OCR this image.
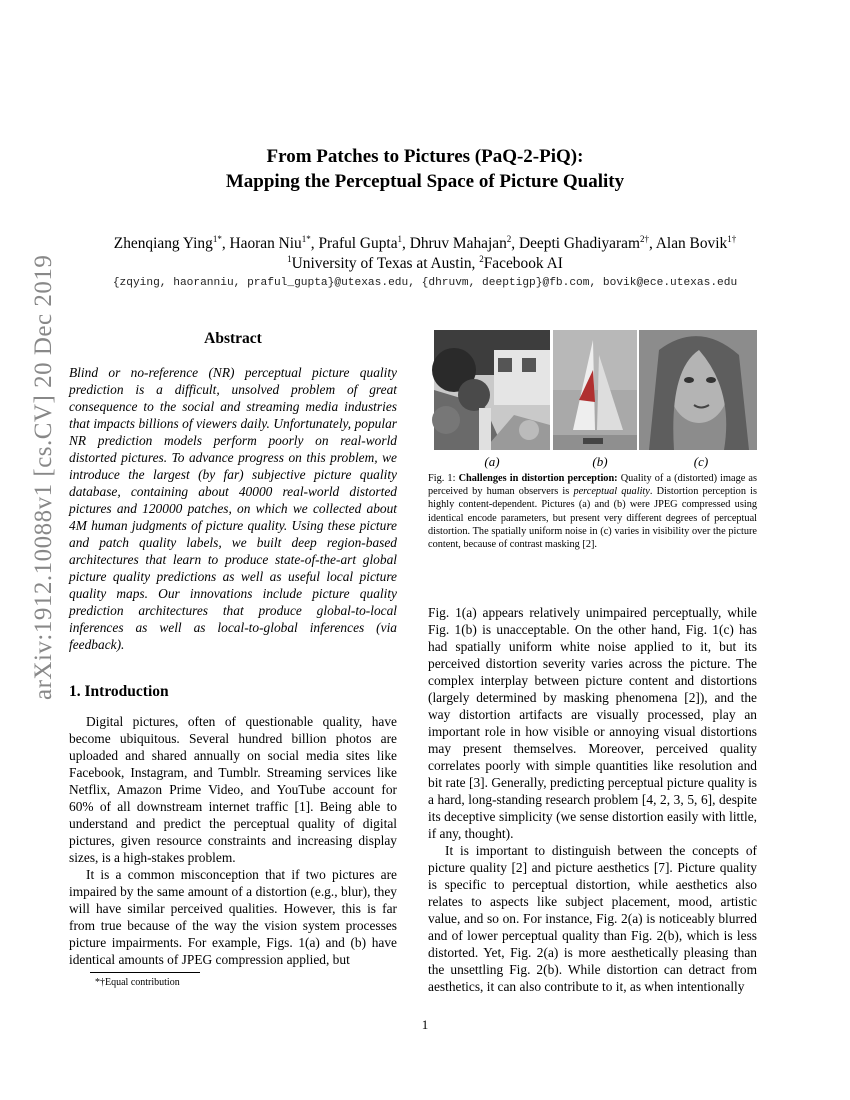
arXiv:1912.10088v1 [cs.CV] 20 Dec 2019
From Patches to Pictures (PaQ-2-PiQ):
Mapping the Perceptual Space of Picture Quality
Zhenqiang Ying$^{1*}$, Haoran Niu$^{1*}$, Praful Gupta$^1$, Dhruv Mahajan$^2$, Deepti Ghadiyaram$^{2\dagger}$, Alan Bovik$^{1\dagger}$
$^1$University of Texas at Austin, $^2$Facebook AI
{zqying, haoranniu, praful_gupta}@utexas.edu, {dhruvm, deeptigp}@fb.com, bovik@ece.utexas.edu
Abstract

Blind or no-reference (NR) perceptual picture quality prediction is a difficult, unsolved problem of great consequence to the social and streaming media industries that impacts billions of viewers daily. Unfortunately, popular NR prediction models perform poorly on real-world distorted pictures. To advance progress on this problem, we introduce the largest (by far) subjective picture quality database, containing about 40000 real-world distorted pictures and 120000 patches, on which we collected about 4M human judgments of picture quality. Using these picture and patch quality labels, we built deep region-based architectures that learn to produce state-of-the-art global picture quality predictions as well as useful local picture quality maps. Our innovations include picture quality prediction architectures that produce global-to-local inferences as well as local-to-global inferences (via feedback).

1. Introduction

Digital pictures, often of questionable quality, have become ubiquitous. Several hundred billion photos are uploaded and shared annually on social media sites like Facebook, Instagram, and Tumblr. Streaming services like Netflix, Amazon Prime Video, and YouTube account for 60% of all downstream internet traffic [1]. Being able to understand and predict the perceptual quality of digital pictures, given resource constraints and increasing display sizes, is a high-stakes problem.

It is a common misconception that if two pictures are impaired by the same amount of a distortion (e.g., blur), they will have similar perceived qualities. However, this is far from true because of the way the vision system processes picture impairments. For example, Figs. 1(a) and (b) have identical amounts of JPEG compression applied, but

(a)	(b)	(c)

Fig. 1: Challenges in distortion perception: Quality of a (distorted) image as perceived by human observers is perceptual quality. Distortion perception is highly content-dependent. Pictures (a) and (b) were JPEG compressed using identical encode parameters, but present very different degrees of perceptual distortion. The spatially uniform noise in (c) varies in visibility over the picture content, because of contrast masking [2].

Fig. 1(a) appears relatively unimpaired perceptually, while Fig. 1(b) is unacceptable. On the other hand, Fig. 1(c) has had spatially uniform white noise applied to it, but its perceived distortion severity varies across the picture. The complex interplay between picture content and distortions (largely determined by masking phenomena [2]), and the way distortion artifacts are visually processed, play an important role in how visible or annoying visual distortions may present themselves. Moreover, perceived quality correlates poorly with simple quantities like resolution and bit rate [3]. Generally, predicting perceptual picture quality is a hard, long-standing research problem [4, 2, 3, 5, 6], despite its deceptive simplicity (we sense distortion easily with little, if any, thought).

It is important to distinguish between the concepts of picture quality [2] and picture aesthetics [7]. Picture quality is specific to perceptual distortion, while aesthetics also relates to aspects like subject placement, mood, artistic value, and so on. For instance, Fig. 2(a) is noticeably blurred and of lower perceptual quality than Fig. 2(b), which is less distorted. Yet, Fig. 2(a) is more aesthetically pleasing than the unsettling Fig. 2(b). While distortion can detract from aesthetics, it can also contribute to it, as when intentionally

*†Equal contribution
1
